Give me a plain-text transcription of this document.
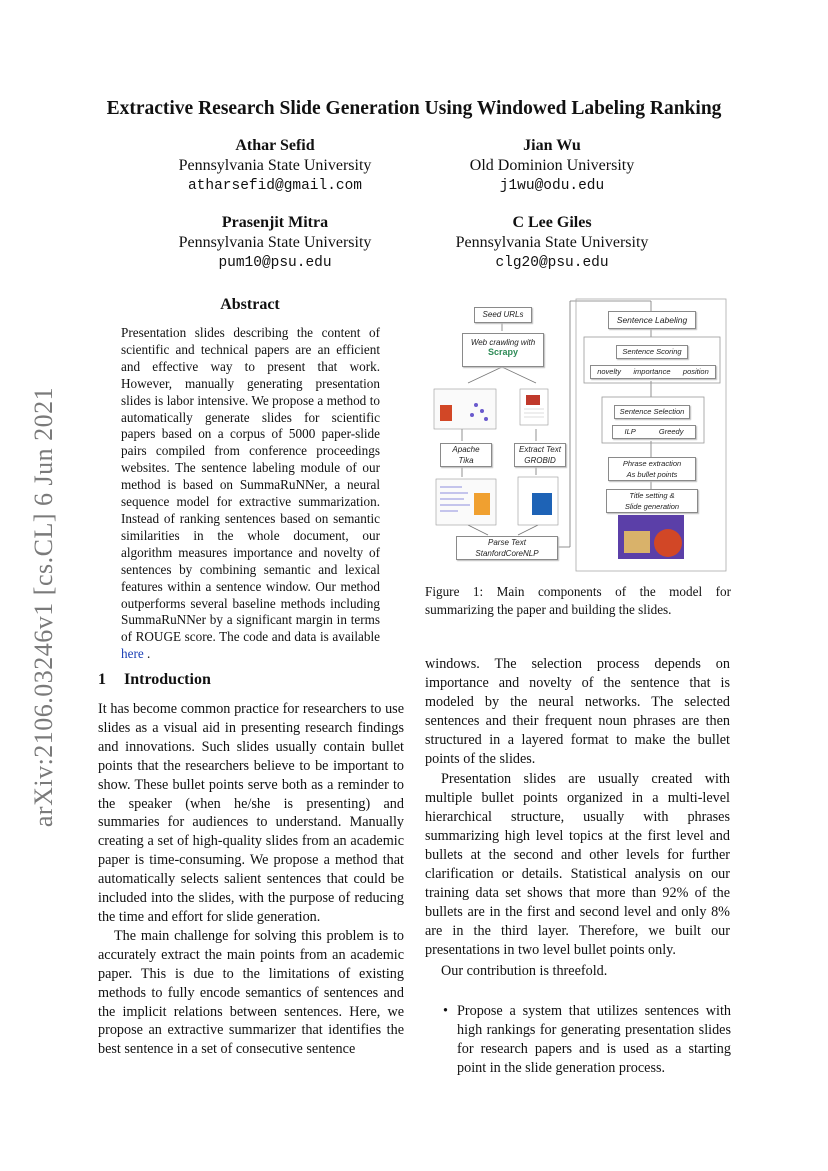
arXiv:2106.03246v1 [cs.CL] 6 Jun 2021
Extractive Research Slide Generation Using Windowed Labeling Ranking
Athar Sefid
Pennsylvania State University
atharsefid@gmail.com
Jian Wu
Old Dominion University
j1wu@odu.edu
Prasenjit Mitra
Pennsylvania State University
pum10@psu.edu
C Lee Giles
Pennsylvania State University
clg20@psu.edu
Abstract
Presentation slides describing the content of scientific and technical papers are an efficient and effective way to present that work. However, manually generating presentation slides is labor intensive. We propose a method to automatically generate slides for scientific papers based on a corpus of 5000 paper-slide pairs compiled from conference proceedings websites. The sentence labeling module of our method is based on SummaRuNNer, a neural sequence model for extractive summarization. Instead of ranking sentences based on semantic similarities in the whole document, our algorithm measures importance and novelty of sentences by combining semantic and lexical features within a sentence window. Our method outperforms several baseline methods including SummaRuNNer by a significant margin in terms of ROUGE score. The code and data is available here .
1 Introduction

It has become common practice for researchers to use slides as a visual aid in presenting research findings and innovations. Such slides usually contain bullet points that the researchers believe to be important to show. These bullet points serve both as a reminder to the speaker (when he/she is presenting) and summaries for audiences to understand. Manually creating a set of high-quality slides from an academic paper is time-consuming. We propose a method that automatically selects salient sentences that could be included into the slides, with the purpose of reducing the time and effort for slide generation.

The main challenge for solving this problem is to accurately extract the main points from an academic paper. This is due to the limitations of existing methods to fully encode semantics of sentences and the implicit relations between sentences. Here, we propose an extractive summarizer that identifies the best sentence in a set of consecutive sentence

windows. The selection process depends on importance and novelty of the sentence that is modeled by the neural networks. The selected sentences and their frequent noun phrases are then structured in a layered format to make the bullet points of the slides.

Presentation slides are usually created with multiple bullet points organized in a multi-level hierarchical structure, usually with phrases summarizing high level topics at the first level and bullets at the second and other levels for further clarification or details. Statistical analysis on our training data set shows that more than 92% of the bullets are in the first and second level and only 8% are in the third layer. Therefore, we built our presentations in two level bullet points only.

Our contribution is threefold.

• Propose a system that utilizes sentences with high rankings for generating presentation slides for research papers and is used as a starting point in the slide generation process.
Figure 1: Main components of the model for summarizing the paper and building the slides.
Seed URLs
Web crawling with
Scrapy
Apache
Tika
Extract Text
GROBID
Parse Text
StanfordCoreNLP
Sentence Labeling
Sentence Scoring
novelty importance position
Sentence Selection
ILP	Greedy
Phrase extraction
As bullet points
Title setting &
Slide generation
